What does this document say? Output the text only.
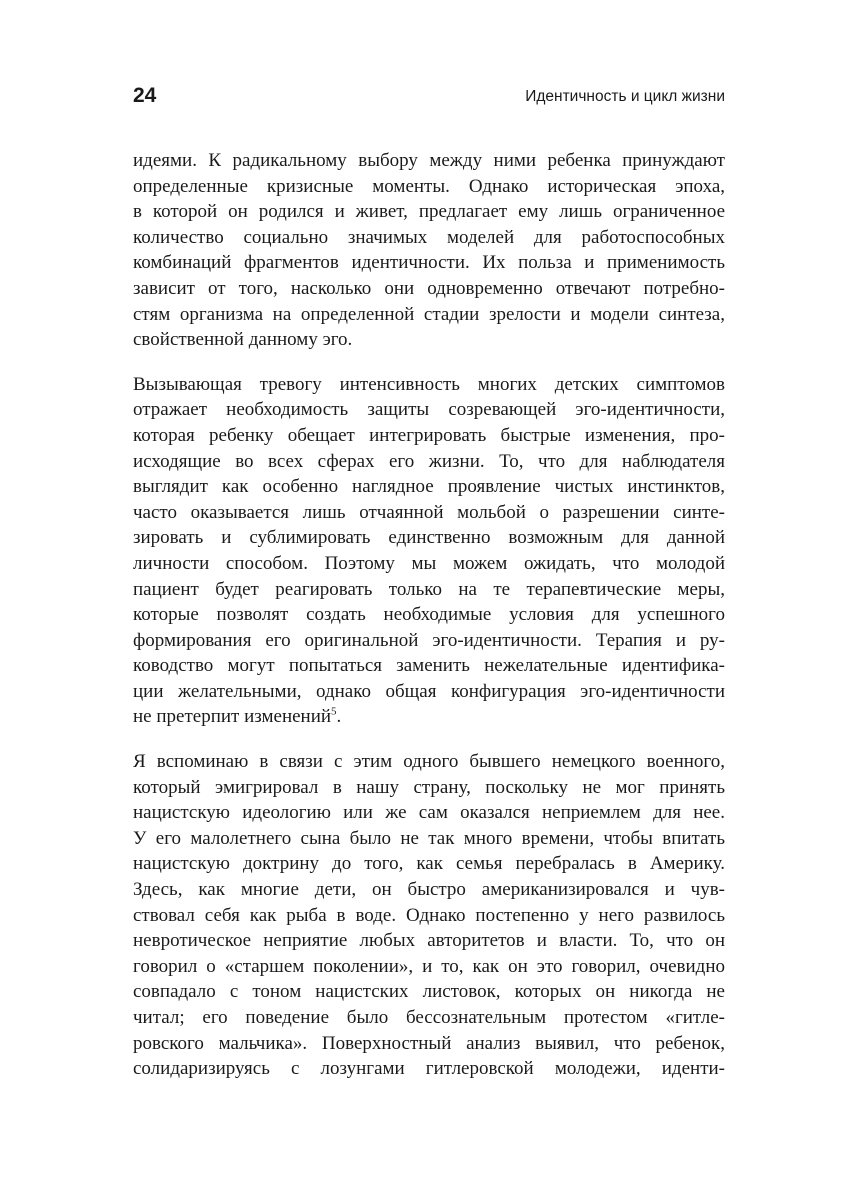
24	Идентичность и цикл жизни

идеями. К радикальному выбору между ними ребенка принуждают
определенные кризисные моменты. Однако историческая эпоха,
в которой он родился и живет, предлагает ему лишь ограниченное
количество социально значимых моделей для работоспособных
комбинаций фрагментов идентичности. Их польза и применимость
зависит от того, насколько они одновременно отвечают потребно-
стям организма на определенной стадии зрелости и модели синтеза,
свойственной данному эго.

Вызывающая тревогу интенсивность многих детских симптомов
отражает необходимость защиты созревающей эго-идентичности,
которая ребенку обещает интегрировать быстрые изменения, про-
исходящие во всех сферах его жизни. То, что для наблюдателя
выглядит как особенно наглядное проявление чистых инстинктов,
часто оказывается лишь отчаянной мольбой о разрешении синте-
зировать и сублимировать единственно возможным для данной
личности способом. Поэтому мы можем ожидать, что молодой
пациент будет реагировать только на те терапевтические меры,
которые позволят создать необходимые условия для успешного
формирования его оригинальной эго-идентичности. Терапия и ру-
ководство могут попытаться заменить нежелательные идентифика-
ции желательными, однако общая конфигурация эго-идентичности
не претерпит изменений$^5$.

Я вспоминаю в связи с этим одного бывшего немецкого военного,
который эмигрировал в нашу страну, поскольку не мог принять
нацистскую идеологию или же сам оказался неприемлем для нее.
У его малолетнего сына было не так много времени, чтобы впитать
нацистскую доктрину до того, как семья перебралась в Америку.
Здесь, как многие дети, он быстро американизировался и чув-
ствовал себя как рыба в воде. Однако постепенно у него развилось
невротическое неприятие любых авторитетов и власти. То, что он
говорил о «старшем поколении», и то, как он это говорил, очевидно
совпадало с тоном нацистских листовок, которых он никогда не
читал; его поведение было бессознательным протестом «гитле-
ровского мальчика». Поверхностный анализ выявил, что ребенок,
солидаризируясь с лозунгами гитлеровской молодежи, иденти-
